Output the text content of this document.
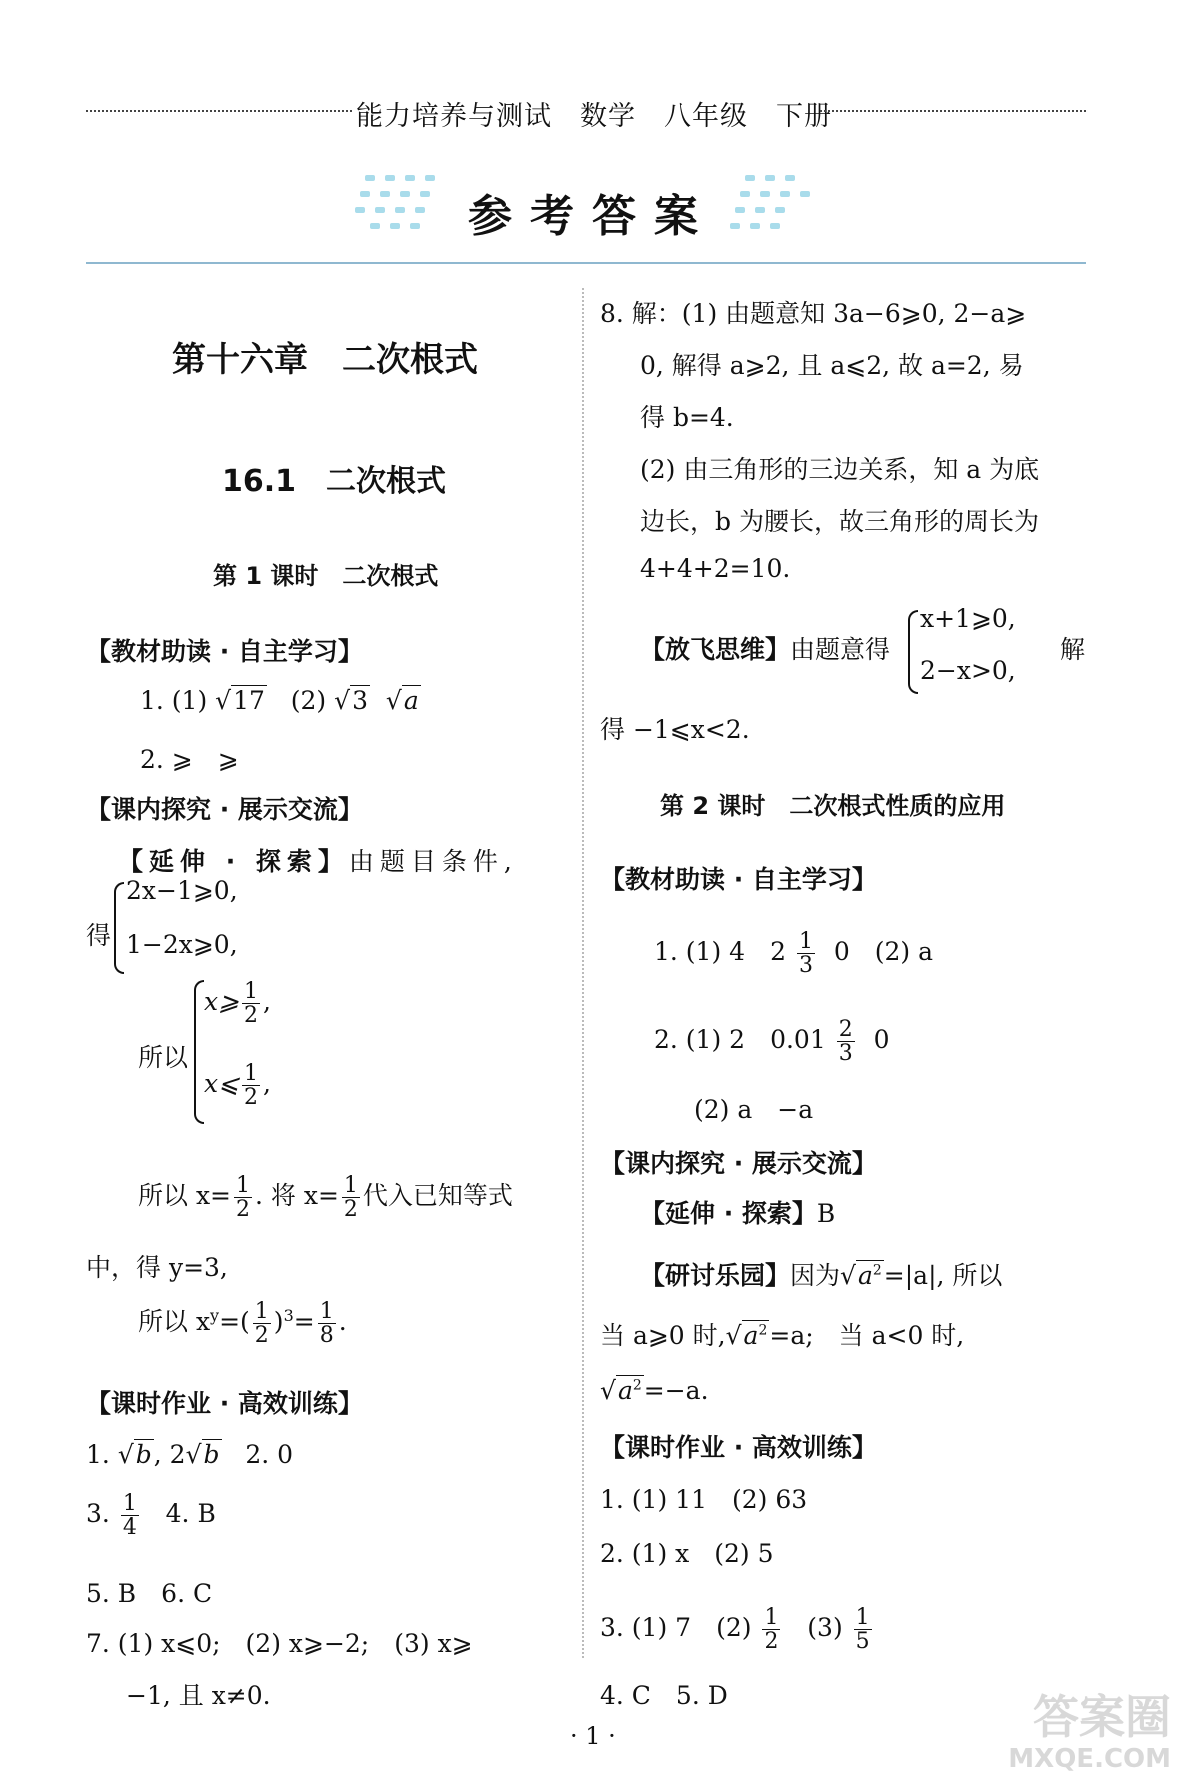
能力培养与测试　数学　八年级　下册
参考答案
第十六章　二次根式
16.1　二次根式
第 1 课时　二次根式
【教材助读 · 自主学习】
1. (1) √17 (2) √3 √a
2. ⩾　⩾
【课内探究 · 展示交流】
【延伸 · 探索】由题目条件,
得
2x−1⩾0,
1−2x⩾0,
所以
x⩾ $\frac{1}{2}$ ,
x⩽ $\frac{1}{2}$ ,
所以 $x= \frac{1}{2}$ . 将 $x= \frac{1}{2}$ 代入已知等式
中，得 y=3,
所以 $x^y=( \frac{1}{2} )^3= \frac{1}{8}$ .
【课时作业 · 高效训练】
1. √b, 2√b 2. 0
3. $\frac{1}{4} 4$. B
5. B　6. C
7. (1) x⩽0;　(2) x⩾−2;　(3) x⩾
−1, 且 x≠0.
8. 解：(1) 由题意知 3a−6⩾0, 2−a⩾
0, 解得 a⩾2, 且 a⩽2, 故 a=2, 易
得 b=4.
(2) 由三角形的三边关系，知 a 为底
边长，b 为腰长，故三角形的周长为
4+4+2=10.
【放飞思维】由题意得
x+1⩾0,
2−x>0,
解
得 −1⩽x<2.
第 2 课时　二次根式性质的应用
【教材助读 · 自主学习】
1. (1) 4　$2 \frac{1}{3} 0$　(2) a
2. (1) 2　$0.01 \frac{2}{3} 0$
(2) a　−a
【课内探究 · 展示交流】
【延伸 · 探索】B
【研讨乐园】因为$√a^2=|a|$, 所以
当 a⩾0 时$,√a^2=a$;　当 a<0 时,
$√a^2=-a$.
【课时作业 · 高效训练】
1. (1) 11　(2) 63
2. (1) x　(2) 5
3. (1) 7　$(2) \frac{1}{2} (3) \frac{1}{5}$
4. C　5. D
· 1 ·	答案圈
MXQE.COM
